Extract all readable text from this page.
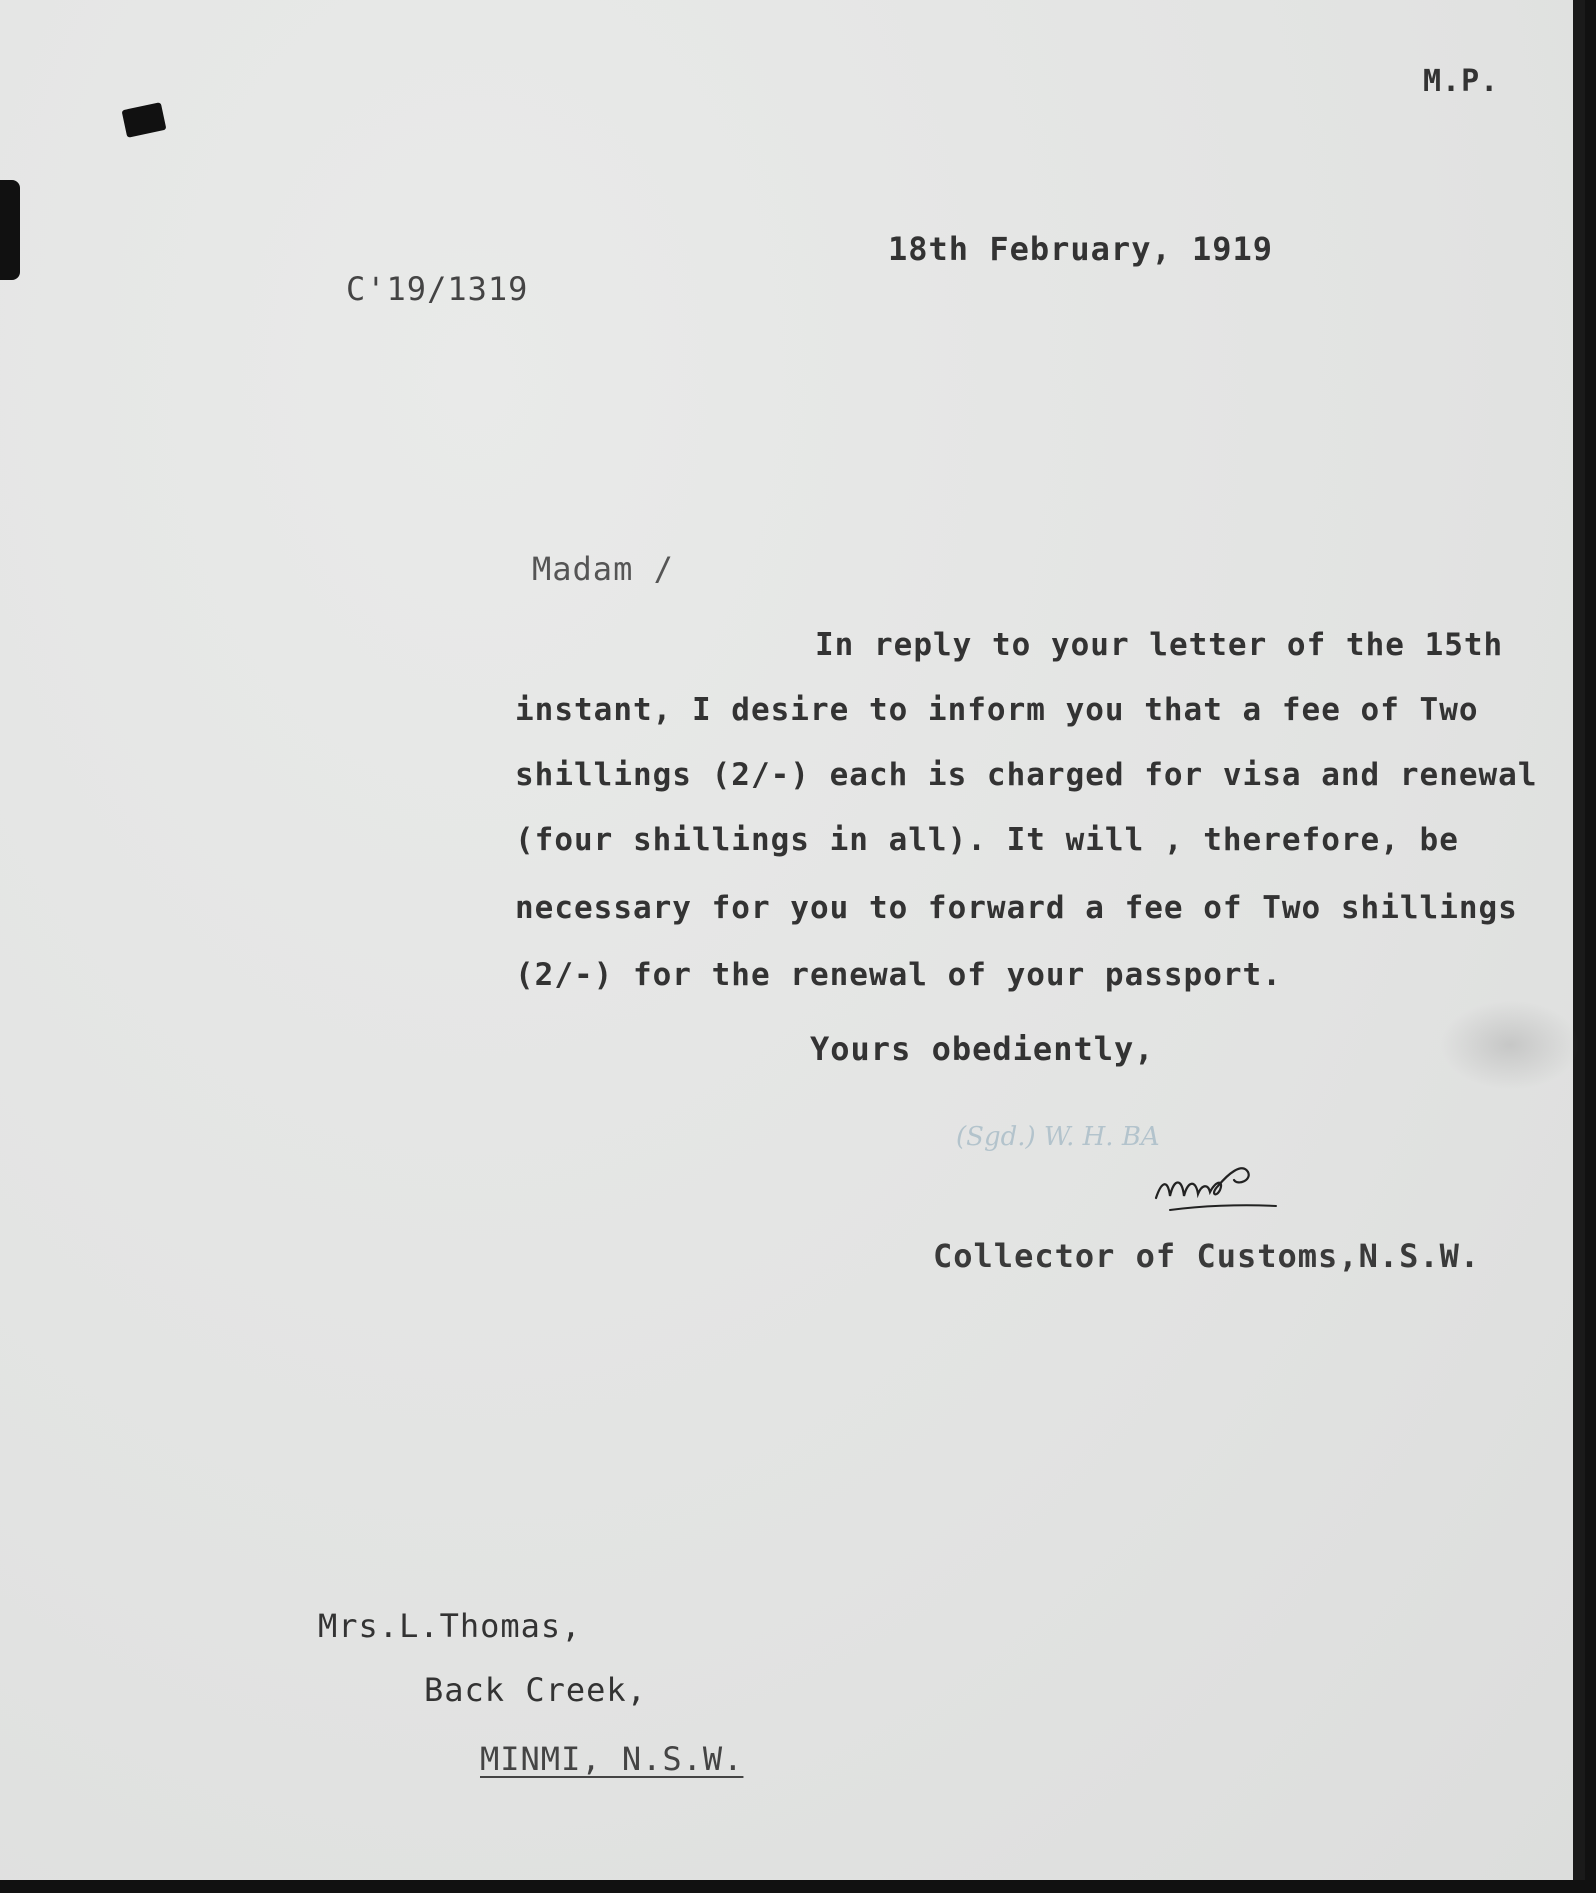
M.P.
18th February, 1919
C'19/1319
Madam /
In reply to your letter of the 15th
instant, I desire to inform you that a fee of Two
shillings (2/-) each is charged for visa and renewal
(four shillings in all). It will , therefore, be
necessary for you to forward a fee of Two shillings
(2/-) for the renewal of your passport.
Yours obediently,
(Sgd.) W. H. BA
Collector of Customs,N.S.W.
Mrs.L.Thomas,
Back Creek,
MINMI, N.S.W.
